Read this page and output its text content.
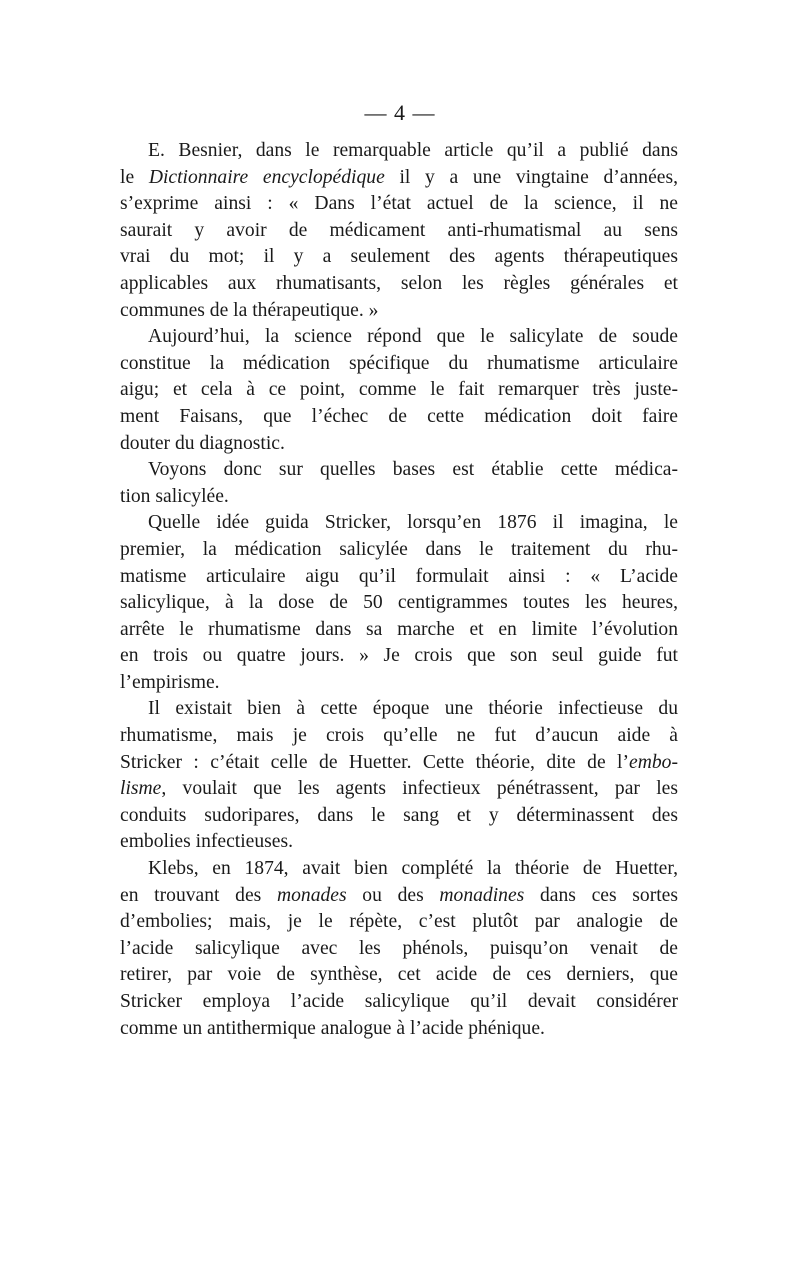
— 4 —
E. Besnier, dans le remarquable article qu’il a publié dans
le Dictionnaire encyclopédique il y a une vingtaine d’années,
s’exprime ainsi : « Dans l’état actuel de la science, il ne
saurait y avoir de médicament anti-rhumatismal au sens
vrai du mot; il y a seulement des agents thérapeutiques
applicables aux rhumatisants, selon les règles générales et
communes de la thérapeutique. »
Aujourd’hui, la science répond que le salicylate de soude
constitue la médication spécifique du rhumatisme articulaire
aigu; et cela à ce point, comme le fait remarquer très juste-
ment Faisans, que l’échec de cette médication doit faire
douter du diagnostic.
Voyons donc sur quelles bases est établie cette médica-
tion salicylée.
Quelle idée guida Stricker, lorsqu’en 1876 il imagina, le
premier, la médication salicylée dans le traitement du rhu-
matisme articulaire aigu qu’il formulait ainsi : « L’acide
salicylique, à la dose de 50 centigrammes toutes les heures,
arrête le rhumatisme dans sa marche et en limite l’évolution
en trois ou quatre jours. » Je crois que son seul guide fut
l’empirisme.
Il existait bien à cette époque une théorie infectieuse du
rhumatisme, mais je crois qu’elle ne fut d’aucun aide à
Stricker : c’était celle de Huetter. Cette théorie, dite de l’embo-
lisme, voulait que les agents infectieux pénétrassent, par les
conduits sudoripares, dans le sang et y déterminassent des
embolies infectieuses.
Klebs, en 1874, avait bien complété la théorie de Huetter,
en trouvant des monades ou des monadines dans ces sortes
d’embolies; mais, je le répète, c’est plutôt par analogie de
l’acide salicylique avec les phénols, puisqu’on venait de
retirer, par voie de synthèse, cet acide de ces derniers, que
Stricker employa l’acide salicylique qu’il devait considérer
comme un antithermique analogue à l’acide phénique.
